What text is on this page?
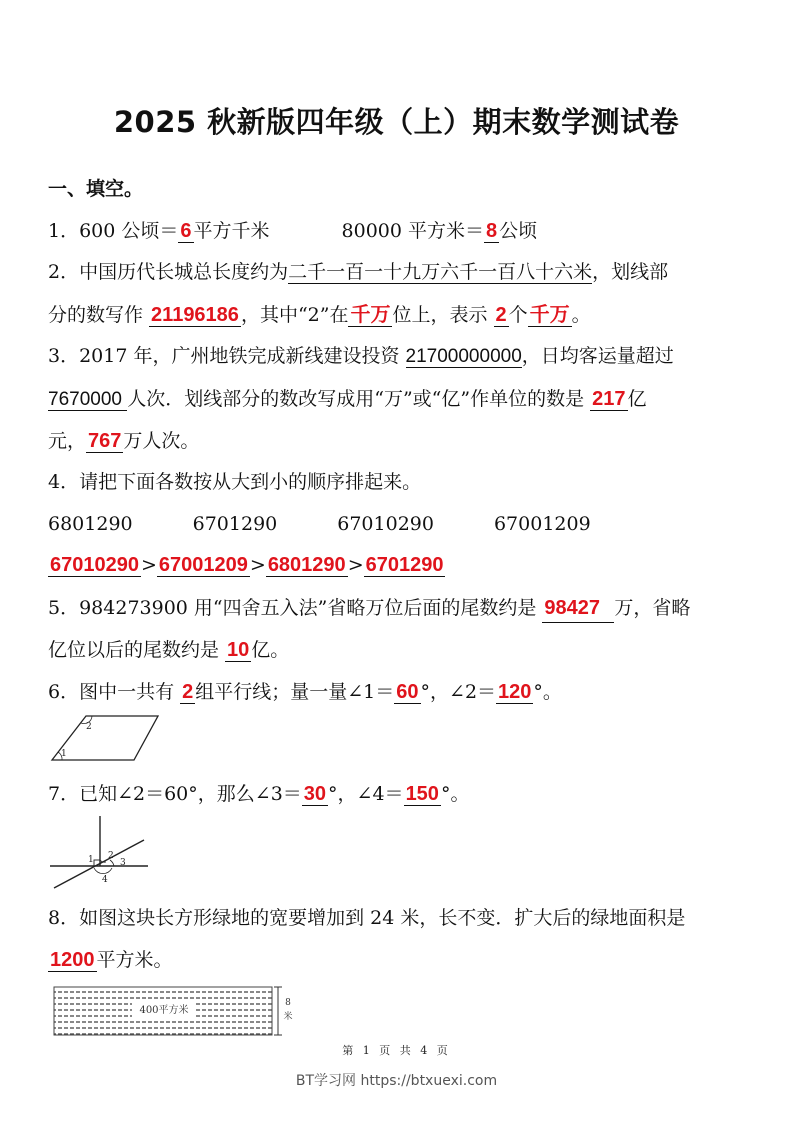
2025 秋新版四年级（上）期末数学测试卷
一、填空。
1．600 公顷＝ 6 平方千米	80000 平方米＝ 8 公顷
2．中国历代长城总长度约为二千一百一十九万六千一百八十六米，划线部
分的数写作 21196186 ，其中“2”在 千万 位上，表示 2 个 千万 。
3．2017 年，广州地铁完成新线建设投资 21700000000，日均客运量超过
7670000 人次．划线部分的数改写成用“万”或“亿”作单位的数是 217 亿
元， 767 万人次。
4．请把下面各数按从大到小的顺序排起来。
6801290	6701290	67010290	67001209
67010290 > 67001209 > 6801290 > 6701290
5．984273900 用“四舍五入法”省略万位后面的尾数约是 98427 万，省略
亿位以后的尾数约是 10 亿。
6．图中一共有 2 组平行线；量一量∠1＝ 60 °，∠2＝ 120 °。
1
2
7．已知∠2＝60°，那么∠3＝ 30 °，∠4＝ 150 °。
1 2
3
4
8．如图这块长方形绿地的宽要增加到 24 米，长不变．扩大后的绿地面积是
1200 平方米。
400平方米
8
米
第 1 页 共 4 页
BT学习网 https://btxuexi.com
